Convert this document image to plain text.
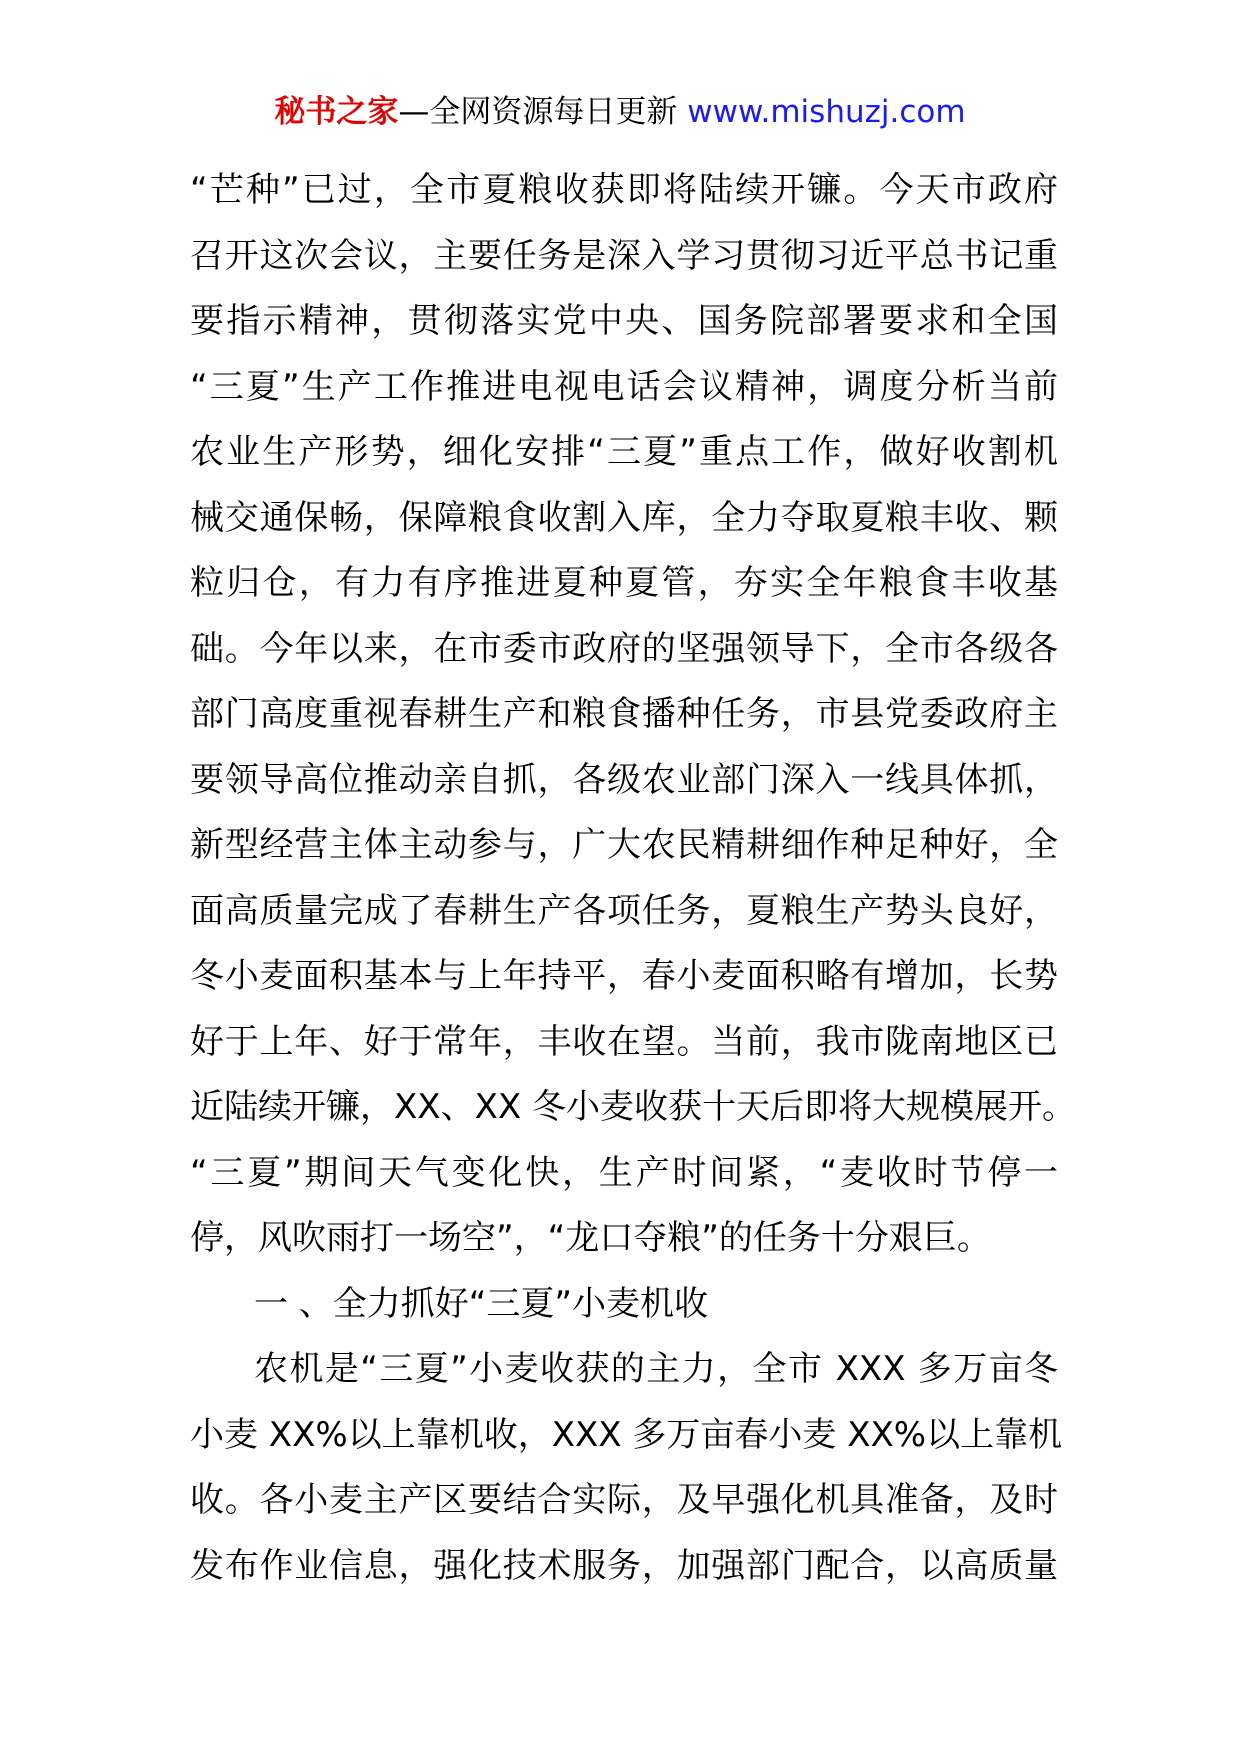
秘书之家—全网资源每日更新 www.mishuzj.com
“芒种”已过，全市夏粮收获即将陆续开镰。今天市政府
召开这次会议，主要任务是深入学习贯彻习近平总书记重
要指示精神，贯彻落实党中央、国务院部署要求和全国
“三夏”生产工作推进电视电话会议精神，调度分析当前
农业生产形势，细化安排“三夏”重点工作，做好收割机
械交通保畅，保障粮食收割入库，全力夺取夏粮丰收、颗
粒归仓，有力有序推进夏种夏管，夯实全年粮食丰收基
础。今年以来，在市委市政府的坚强领导下，全市各级各
部门高度重视春耕生产和粮食播种任务，市县党委政府主
要领导高位推动亲自抓，各级农业部门深入一线具体抓，
新型经营主体主动参与，广大农民精耕细作种足种好，全
面高质量完成了春耕生产各项任务，夏粮生产势头良好，
冬小麦面积基本与上年持平，春小麦面积略有增加，长势
好于上年、好于常年，丰收在望。当前，我市陇南地区已
近陆续开镰，XX、XX 冬小麦收获十天后即将大规模展开。
“三夏”期间天气变化快，生产时间紧，“麦收时节停一
停，风吹雨打一场空”，“龙口夺粮”的任务十分艰巨。
一 、全力抓好“三夏”小麦机收
农机是“三夏”小麦收获的主力，全市 XXX 多万亩冬
小麦 XX%以上靠机收，XXX 多万亩春小麦 XX%以上靠机
收。各小麦主产区要结合实际，及早强化机具准备，及时
发布作业信息，强化技术服务，加强部门配合，以高质量
